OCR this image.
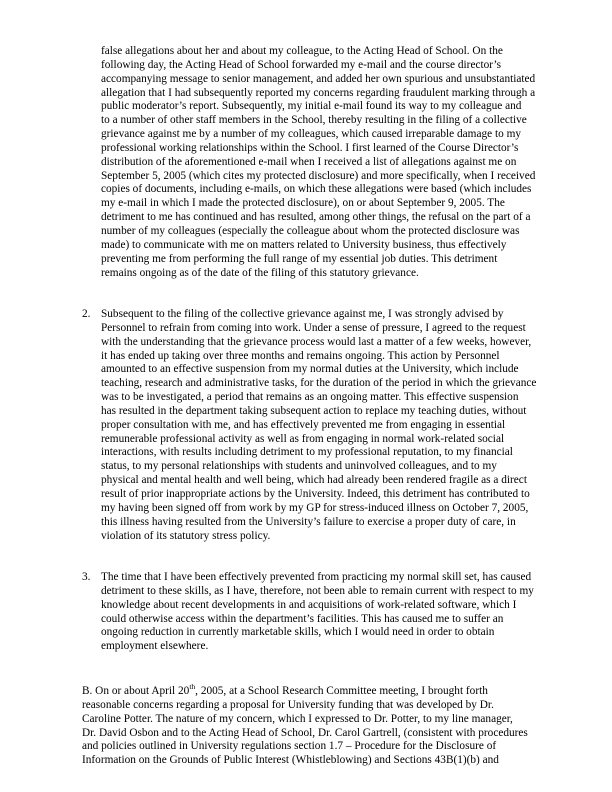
false allegations about her and about my colleague, to the Acting Head of School. On the
following day, the Acting Head of School forwarded my e-mail and the course director’s
accompanying message to senior management, and added her own spurious and unsubstantiated
allegation that I had subsequently reported my concerns regarding fraudulent marking through a
public moderator’s report. Subsequently, my initial e-mail found its way to my colleague and
to a number of other staff members in the School, thereby resulting in the filing of a collective
grievance against me by a number of my colleagues, which caused irreparable damage to my
professional working relationships within the School. I first learned of the Course Director’s
distribution of the aforementioned e-mail when I received a list of allegations against me on
September 5, 2005 (which cites my protected disclosure) and more specifically, when I received
copies of documents, including e-mails, on which these allegations were based (which includes
my e-mail in which I made the protected disclosure), on or about September 9, 2005. The
detriment to me has continued and has resulted, among other things, the refusal on the part of a
number of my colleagues (especially the colleague about whom the protected disclosure was
made) to communicate with me on matters related to University business, thus effectively
preventing me from performing the full range of my essential job duties. This detriment
remains ongoing as of the date of the filing of this statutory grievance.
2. Subsequent to the filing of the collective grievance against me, I was strongly advised by
Personnel to refrain from coming into work. Under a sense of pressure, I agreed to the request
with the understanding that the grievance process would last a matter of a few weeks, however,
it has ended up taking over three months and remains ongoing. This action by Personnel
amounted to an effective suspension from my normal duties at the University, which include
teaching, research and administrative tasks, for the duration of the period in which the grievance
was to be investigated, a period that remains as an ongoing matter. This effective suspension
has resulted in the department taking subsequent action to replace my teaching duties, without
proper consultation with me, and has effectively prevented me from engaging in essential
remunerable professional activity as well as from engaging in normal work-related social
interactions, with results including detriment to my professional reputation, to my financial
status, to my personal relationships with students and uninvolved colleagues, and to my
physical and mental health and well being, which had already been rendered fragile as a direct
result of prior inappropriate actions by the University. Indeed, this detriment has contributed to
my having been signed off from work by my GP for stress-induced illness on October 7, 2005,
this illness having resulted from the University’s failure to exercise a proper duty of care, in
violation of its statutory stress policy.
3. The time that I have been effectively prevented from practicing my normal skill set, has caused
detriment to these skills, as I have, therefore, not been able to remain current with respect to my
knowledge about recent developments in and acquisitions of work-related software, which I
could otherwise access within the department’s facilities. This has caused me to suffer an
ongoing reduction in currently marketable skills, which I would need in order to obtain
employment elsewhere.
B. On or about April 20th, 2005, at a School Research Committee meeting, I brought forth
reasonable concerns regarding a proposal for University funding that was developed by Dr.
Caroline Potter. The nature of my concern, which I expressed to Dr. Potter, to my line manager,
Dr. David Osbon and to the Acting Head of School, Dr. Carol Gartrell, (consistent with procedures
and policies outlined in University regulations section 1.7 – Procedure for the Disclosure of
Information on the Grounds of Public Interest (Whistleblowing) and Sections 43B(1)(b) and
